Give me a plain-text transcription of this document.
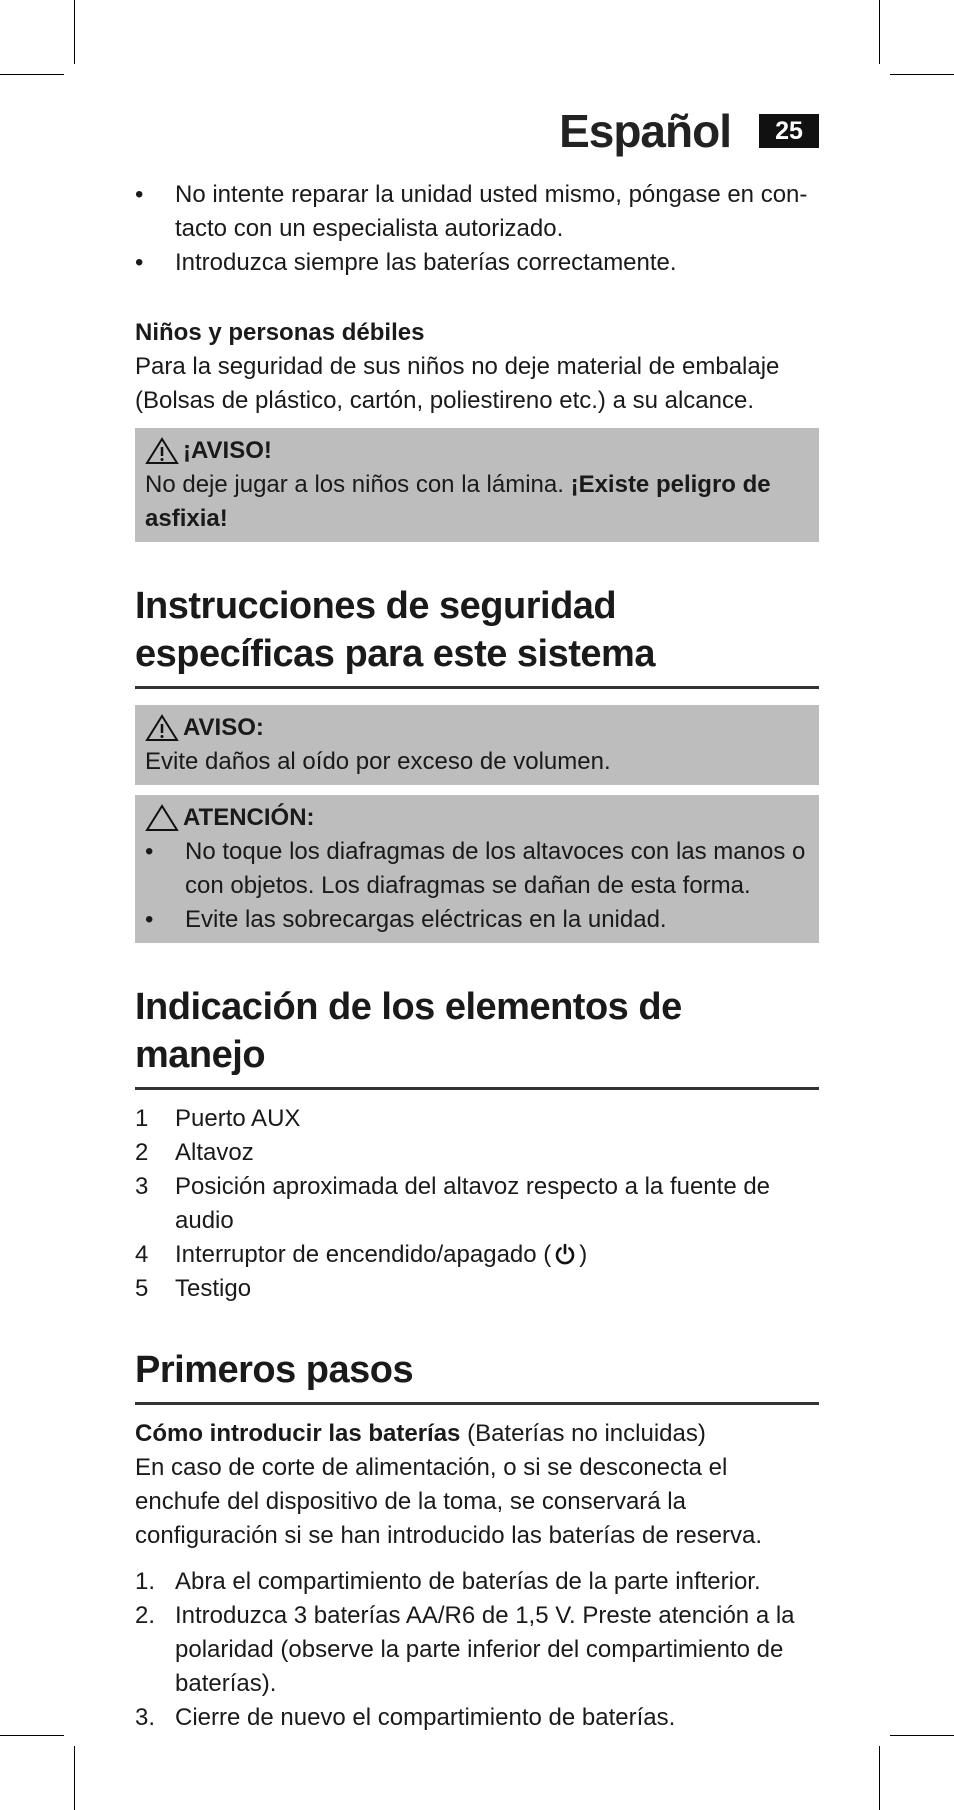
Español	25
• No intente reparar la unidad usted mismo, póngase en con-tacto con un especialista autorizado.
• Introduzca siempre las baterías correctamente.

Niños y personas débiles

Para la seguridad de sus niños no deje material de embalaje (Bolsas de plástico, cartón, poliestireno etc.) a su alcance.

¡AVISO!

No deje jugar a los niños con la lámina. ¡Existe peligro de asfixia!

Instrucciones de seguridad específicas para este sistema
AVISO:

Evite daños al oído por exceso de volumen.

ATENCIÓN:
• No toque los diafragmas de los altavoces con las manos o con objetos. Los diafragmas se dañan de esta forma.
• Evite las sobrecargas eléctricas en la unidad.
Indicación de los elementos de manejo
1 Puerto AUX
2 Altavoz
3 Posición aproximada del altavoz respecto a la fuente de audio
4 Interruptor de encendido/apagado ( )
5 Testigo
Primeros pasos

Cómo introducir las baterías (Baterías no incluidas)

En caso de corte de alimentación, o si se desconecta el enchufe del dispositivo de la toma, se conservará la configuración si se han introducido las baterías de reserva.

1. Abra el compartimiento de baterías de la parte infterior.
2. Introduzca 3 baterías AA/R6 de 1,5 V. Preste atención a la polaridad (observe la parte inferior del compartimiento de baterías).
3. Cierre de nuevo el compartimiento de baterías.
